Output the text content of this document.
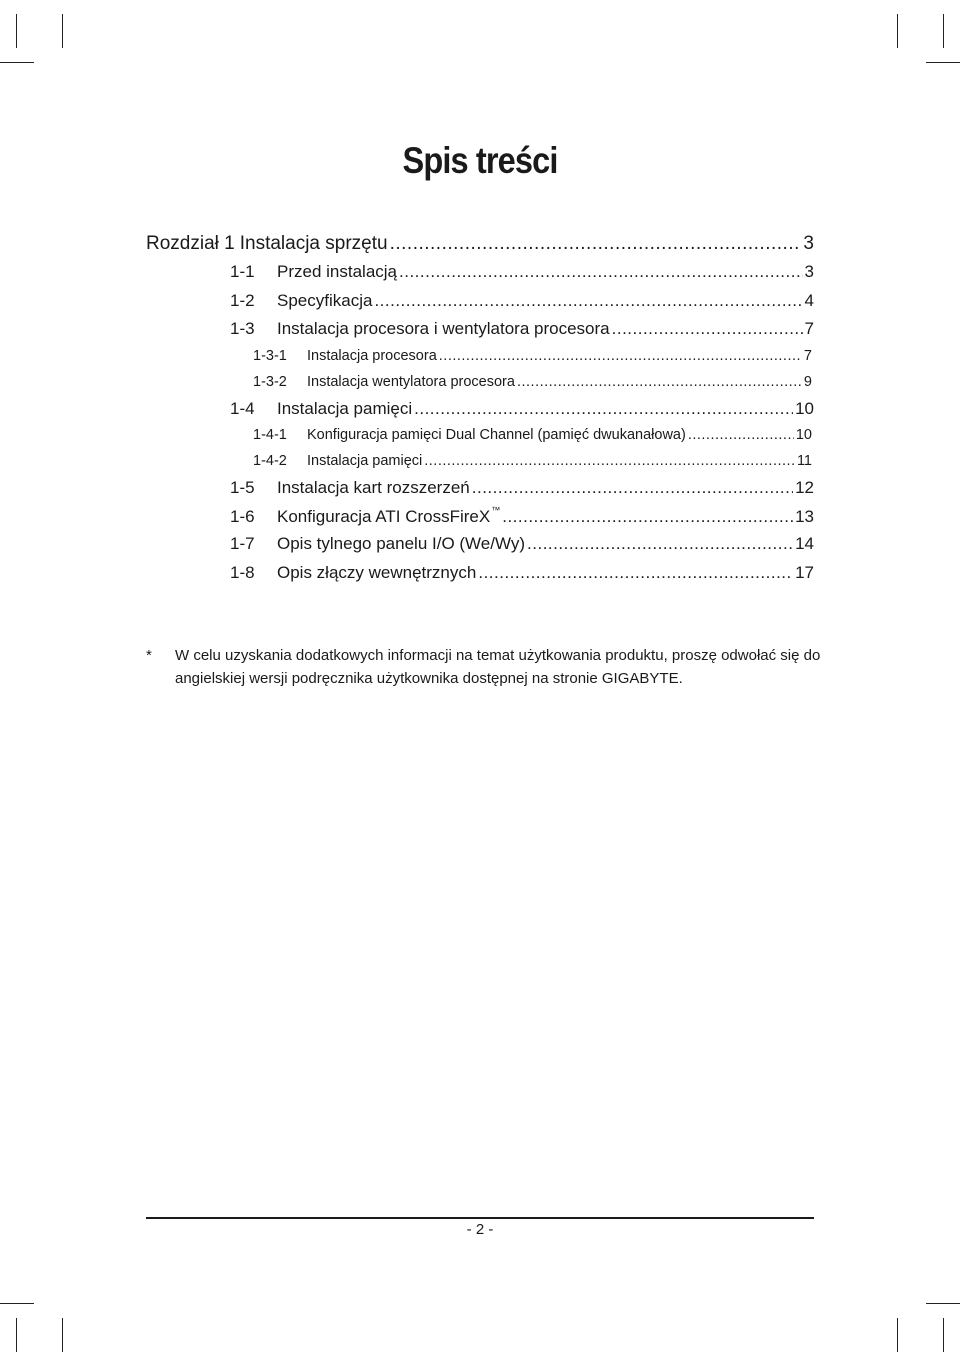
Spis treści
Rozdział 1 Instalacja sprzętu .....	3
1-1	Przed instalacją .....	3
1-2	Specyfikacja .....	4
1-3	Instalacja procesora i wentylatora procesora .....	7
1-3-1	Instalacja procesora .....	7
1-3-2	Instalacja wentylatora procesora .....	9
1-4	Instalacja pamięci .....	10
1-4-1	Konfiguracja pamięci Dual Channel (pamięć dwukanałowa) .....	10
1-4-2	Instalacja pamięci .....	11
1-5	Instalacja kart rozszerzeń .....	12
1-6	Konfiguracja ATI CrossFireX™ .....	13
1-7	Opis tylnego panelu I/O (We/Wy) .....	14
1-8	Opis złączy wewnętrznych .....	17
* W celu uzyskania dodatkowych informacji na temat użytkowania produktu, proszę odwołać się do angielskiej wersji podręcznika użytkownika dostępnej na stronie GIGABYTE.
- 2 -
